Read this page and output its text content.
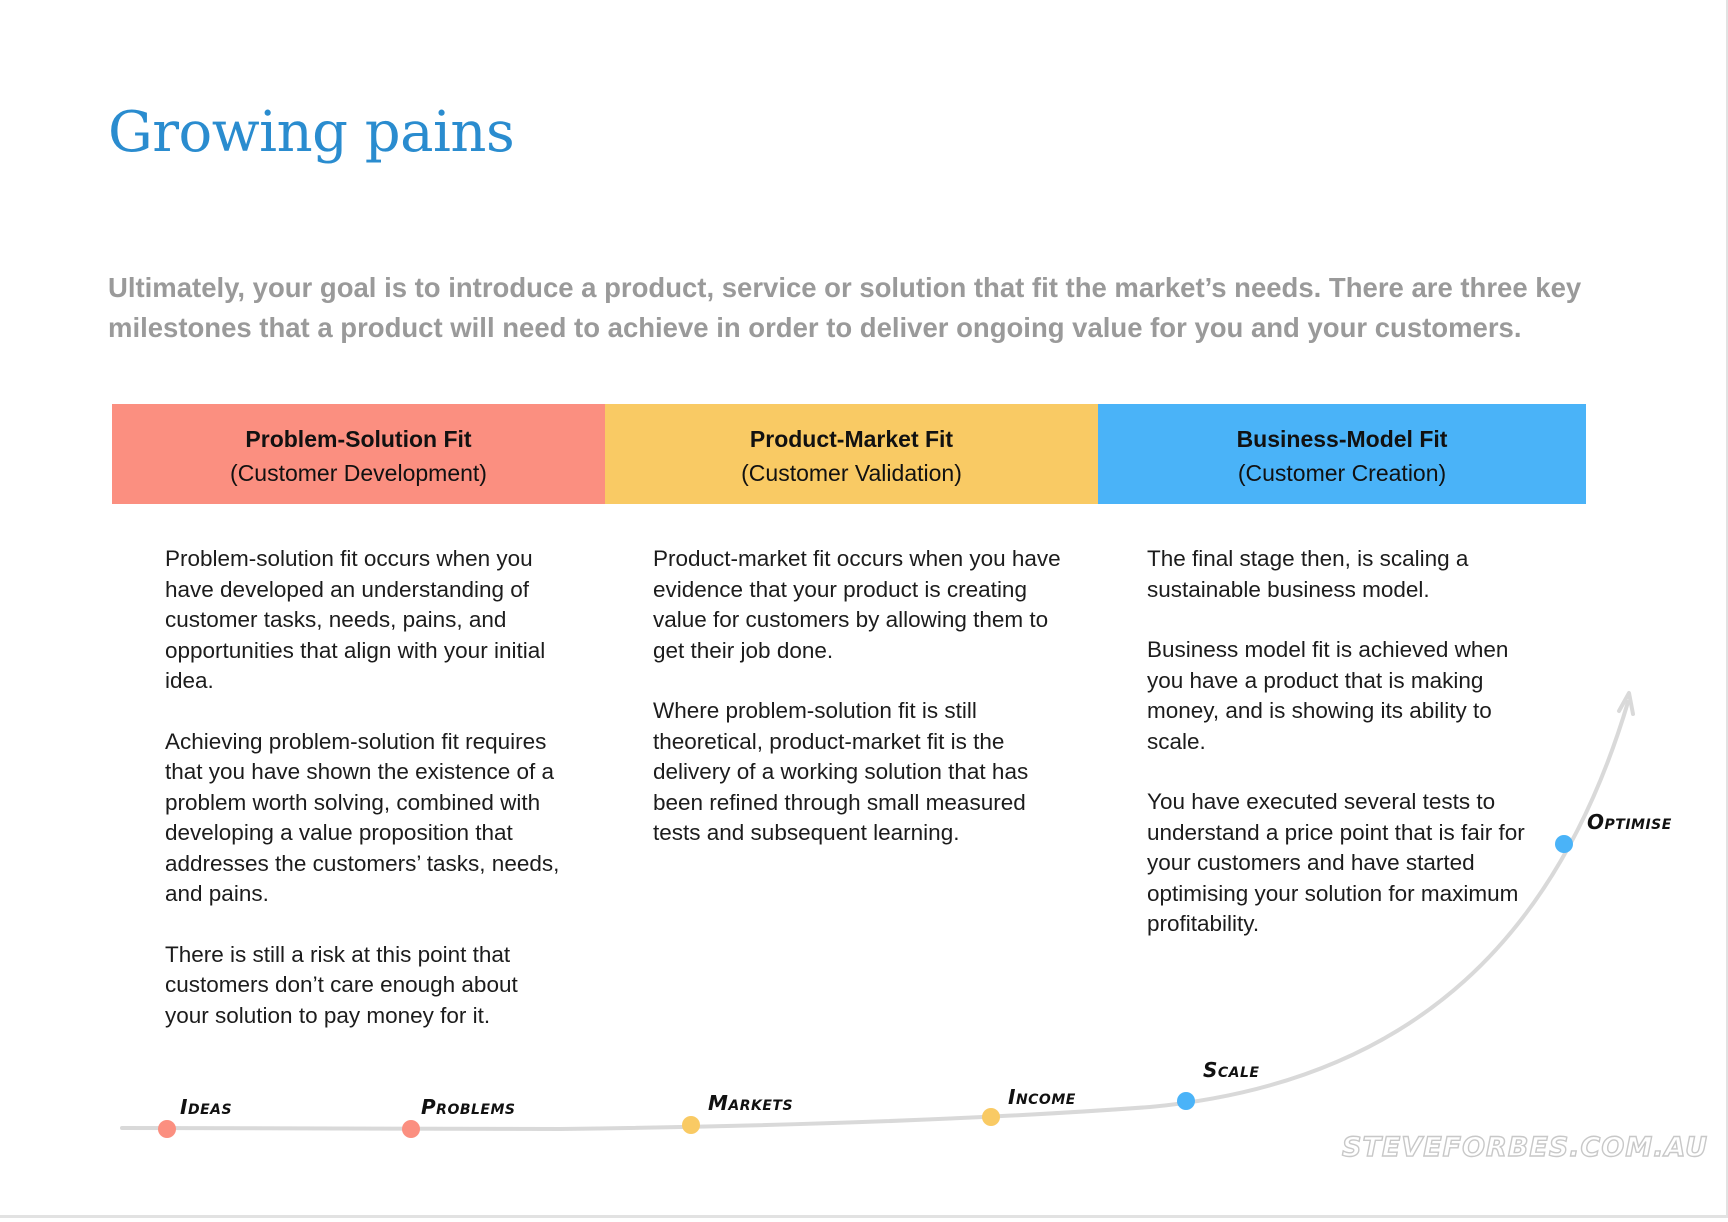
Growing pains

Ultimately, your goal is to introduce a product, service or solution that fit the market’s needs. There are three key milestones that a product will need to achieve in order to deliver ongoing value for you and your customers.

Problem-Solution Fit
(Customer Development)
Product-Market Fit
(Customer Validation)
Business-Model Fit
(Customer Creation)

Problem-solution fit occurs when you have developed an understanding of customer tasks, needs, pains, and opportunities that align with your initial idea.

Achieving problem-solution fit requires that you have shown the existence of a problem worth solving, combined with developing a value proposition that addresses the customers’ tasks, needs, and pains.

There is still a risk at this point that customers don’t care enough about your solution to pay money for it.

Product-market fit occurs when you have evidence that your product is creating value for customers by allowing them to get their job done.

Where problem-solution fit is still theoretical, product-market fit is the delivery of a working solution that has been refined through small measured tests and subsequent learning.

The final stage then, is scaling a sustainable business model.

Business model fit is achieved when you have a product that is making money, and is showing its ability to scale.

You have executed several tests to understand a price point that is fair for your customers and have started optimising your solution for maximum profitability.

Ideas	Problems	Markets	Income
Scale
Optimise
STEVEFORBES.COM.AU
